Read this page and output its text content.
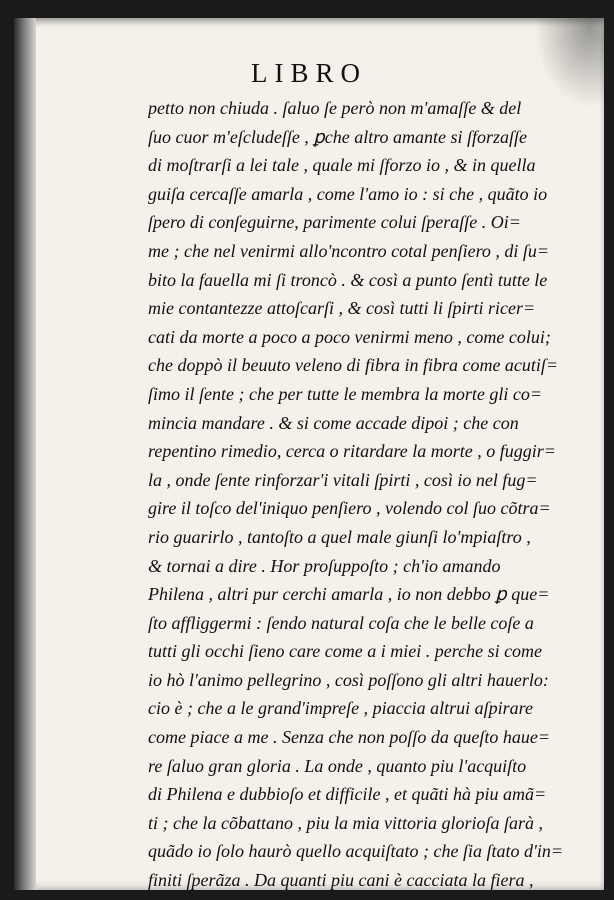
LIBRO
petto non chiuda . ſaluo ſe però non m'amaſſe & del
ſuo cuor m'eſcludeſſe , ꝑche altro amante si ſforzaſſe
di moſtrarſi a lei tale , quale mi ſforzo io , & in quella
guiſa cercaſſe amarla , come l'amo io : si che , quãto io
ſpero di conſeguirne, parimente colui ſperaſſe . Oi=
me ; che nel venirmi allo'ncontro cotal penſiero , di ſu=
bito la fauella mi ſi troncò . & così a punto ſentì tutte le
mie contantezze attoſcarſi , & così tutti li ſpirti ricer=
cati da morte a poco a poco venirmi meno , come colui;
che doppò il beuuto veleno di fibra in fibra come acutiſ=
ſimo il ſente ; che per tutte le membra la morte gli co=
mincia mandare . & si come accade dipoi ; che con
repentino rimedio, cerca o ritardare la morte , o fuggir=
la , onde ſente rinforzar'i vitali ſpirti , così io nel fug=
gire il toſco del'iniquo penſiero , volendo col ſuo cõtra=
rio guarirlo , tantoſto a quel male giunſi lo'mpiaſtro ,
& tornai a dire . Hor proſuppoſto ; ch'io amando
Philena , altri pur cerchi amarla , io non debbo ꝑ que=
ſto affliggermi : ſendo natural coſa che le belle coſe a
tutti gli occhi ſieno care come a i miei . perche si come
io hò l'animo pellegrino , così poſſono gli altri hauerlo:
cio è ; che a le grand'impreſe , piaccia altrui aſpirare
come piace a me . Senza che non poſſo da queſto haue=
re ſaluo gran gloria . La onde , quanto piu l'acquiſto
di Philena e dubbioſo et difficile , et quãti hà piu amã=
ti ; che la cõbattano , piu la mia vittoria glorioſa ſarà ,
quãdo io ſolo haurò quello acquiſtato ; che ſia ſtato d'in=
finiti ſperãza . Da quanti piu cani è cacciata la fiera ,
